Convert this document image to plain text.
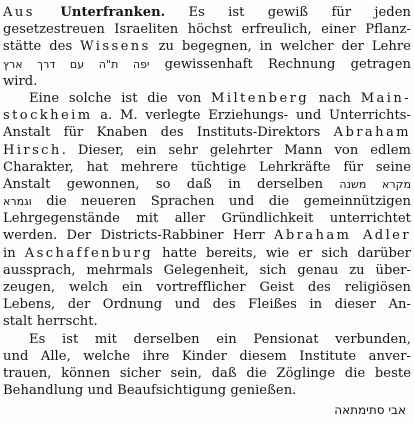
Aus Unterfranken. Es ist gewiß für jeden
gesetzestreuen Israeliten höchst erfreulich, einer Pflanz-
stätte des Wissens zu begegnen, in welcher der Lehre
יפה ת"ה עם דרך ארץ gewissenhaft Rechnung getragen
wird.
Eine solche ist die von Miltenberg nach Main-
stockheim a. M. verlegte Erziehungs- und Unterrichts-
Anstalt für Knaben des Instituts-Direktors Abraham
Hirsch. Dieser, ein sehr gelehrter Mann von edlem
Charakter, hat mehrere tüchtige Lehrkräfte für seine
Anstalt gewonnen, so daß in derselben מקרא משנה
וגמרא die neueren Sprachen und die gemeinnützigen
Lehrgegenstände mit aller Gründlichkeit unterrichtet
werden. Der Districts-Rabbiner Herr Abraham Adler
in Aschaffenburg hatte bereits, wie er sich darüber
aussprach, mehrmals Gelegenheit, sich genau zu über-
zeugen, welch ein vortrefflicher Geist des religiösen
Lebens, der Ordnung und des Fleißes in dieser An-
stalt herrscht.
Es ist mit derselben ein Pensionat verbunden,
und Alle, welche ihre Kinder diesem Institute anver-
trauen, können sicher sein, daß die Zöglinge die beste
Behandlung und Beaufsichtigung genießen.
אבי סתימתאה
